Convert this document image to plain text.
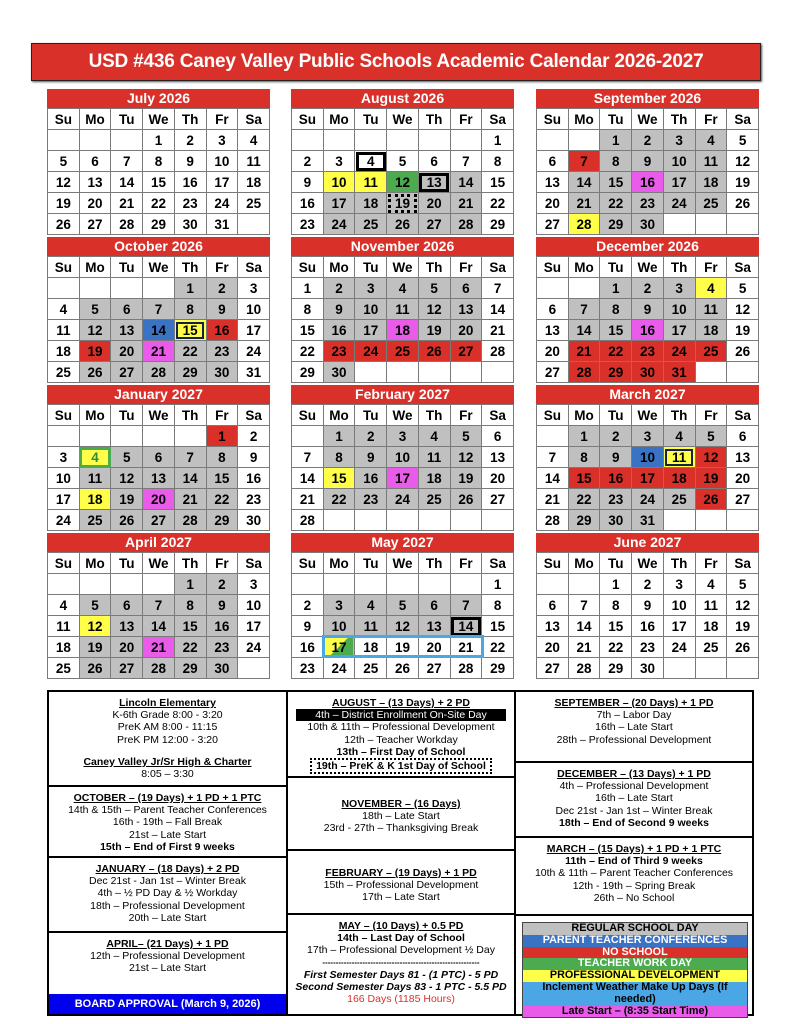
USD #436 Caney Valley Public Schools Academic Calendar 2026-2027
July 2026
Su	Mo	Tu	We	Th	Fr	Sa
			1	2	3	4
5	6	7	8	9	10	11
12	13	14	15	16	17	18
19	20	21	22	23	24	25
26	27	28	29	30	31	
August 2026
Su	Mo	Tu	We	Th	Fr	Sa
						1
2	3	4	5	6	7	8
9	10	11	12	13	14	15
16	17	18	19	20	21	22
23	24	25	26	27	28	29
September 2026
Su	Mo	Tu	We	Th	Fr	Sa
		1	2	3	4	5
6	7	8	9	10	11	12
13	14	15	16	17	18	19
20	21	22	23	24	25	26
27	28	29	30			
October 2026
Su	Mo	Tu	We	Th	Fr	Sa
				1	2	3
4	5	6	7	8	9	10
11	12	13	14	15	16	17
18	19	20	21	22	23	24
25	26	27	28	29	30	31
November 2026
Su	Mo	Tu	We	Th	Fr	Sa
1	2	3	4	5	6	7
8	9	10	11	12	13	14
15	16	17	18	19	20	21
22	23	24	25	26	27	28
29	30					
December 2026
Su	Mo	Tu	We	Th	Fr	Sa
		1	2	3	4	5
6	7	8	9	10	11	12
13	14	15	16	17	18	19
20	21	22	23	24	25	26
27	28	29	30	31		
January 2027
Su	Mo	Tu	We	Th	Fr	Sa
					1	2
3	4	5	6	7	8	9
10	11	12	13	14	15	16
17	18	19	20	21	22	23
24	25	26	27	28	29	30
February 2027
Su	Mo	Tu	We	Th	Fr	Sa
	1	2	3	4	5	6
7	8	9	10	11	12	13
14	15	16	17	18	19	20
21	22	23	24	25	26	27
28						
March 2027
Su	Mo	Tu	We	Th	Fr	Sa
	1	2	3	4	5	6
7	8	9	10	11	12	13
14	15	16	17	18	19	20
21	22	23	24	25	26	27
28	29	30	31			
April 2027
Su	Mo	Tu	We	Th	Fr	Sa
				1	2	3
4	5	6	7	8	9	10
11	12	13	14	15	16	17
18	19	20	21	22	23	24
25	26	27	28	29	30	
May 2027
Su	Mo	Tu	We	Th	Fr	Sa
						1
2	3	4	5	6	7	8
9	10	11	12	13	14	15
16	17	18	19	20	21	22
23	24	25	26	27	28	29
June 2027
Su	Mo	Tu	We	Th	Fr	Sa
		1	2	3	4	5
6	7	8	9	10	11	12
13	14	15	16	17	18	19
20	21	22	23	24	25	26
27	28	29	30			
Lincoln Elementary
K-6th Grade 8:00 - 3:20
PreK AM 8:00 - 11:15
PreK PM 12:00 - 3:20
Caney Valley Jr/Sr High & Charter
8:05 – 3:30
OCTOBER – (19 Days) + 1 PD + 1 PTC
14th & 15th – Parent Teacher Conferences
16th - 19th – Fall Break
21st – Late Start
15th – End of First 9 weeks
JANUARY – (18 Days) + 2 PD
Dec 21st - Jan 1st – Winter Break
4th – ½ PD Day & ½ Workday
18th – Professional Development
20th – Late Start
APRIL– (21 Days) + 1 PD
12th – Professional Development
21st – Late Start
BOARD APPROVAL (March 9, 2026)
AUGUST – (13 Days) + 2 PD
4th – District Enrollment On-Site Day
10th & 11th – Professional Development
12th – Teacher Workday
13th – First Day of School
19th – PreK & K 1st Day of School
NOVEMBER – (16 Days)
18th – Late Start
23rd - 27th – Thanksgiving Break
FEBRUARY – (19 Days) + 1 PD
15th – Professional Development
17th – Late Start
MAY – (10 Days) + 0.5 PD
14th – Last Day of School
17th – Professional Development ½ Day
-----------------------------------------------------------
First Semester Days 81 - (1 PTC) - 5 PD
Second Semester Days 83 - 1 PTC - 5.5 PD
166 Days (1185 Hours)
SEPTEMBER – (20 Days) + 1 PD
7th – Labor Day
16th – Late Start
28th – Professional Development
DECEMBER – (13 Days) + 1 PD
4th – Professional Development
16th – Late Start
Dec 21st - Jan 1st – Winter Break
18th – End of Second 9 weeks
MARCH – (15 Days) + 1 PD + 1 PTC
11th – End of Third 9 weeks
10th & 11th – Parent Teacher Conferences
12th - 19th – Spring Break
26th – No School
REGULAR SCHOOL DAY
PARENT TEACHER CONFERENCES
NO SCHOOL
TEACHER WORK DAY
PROFESSIONAL DEVELOPMENT
Inclement Weather Make Up Days (If needed)
Late Start – (8:35 Start Time)
